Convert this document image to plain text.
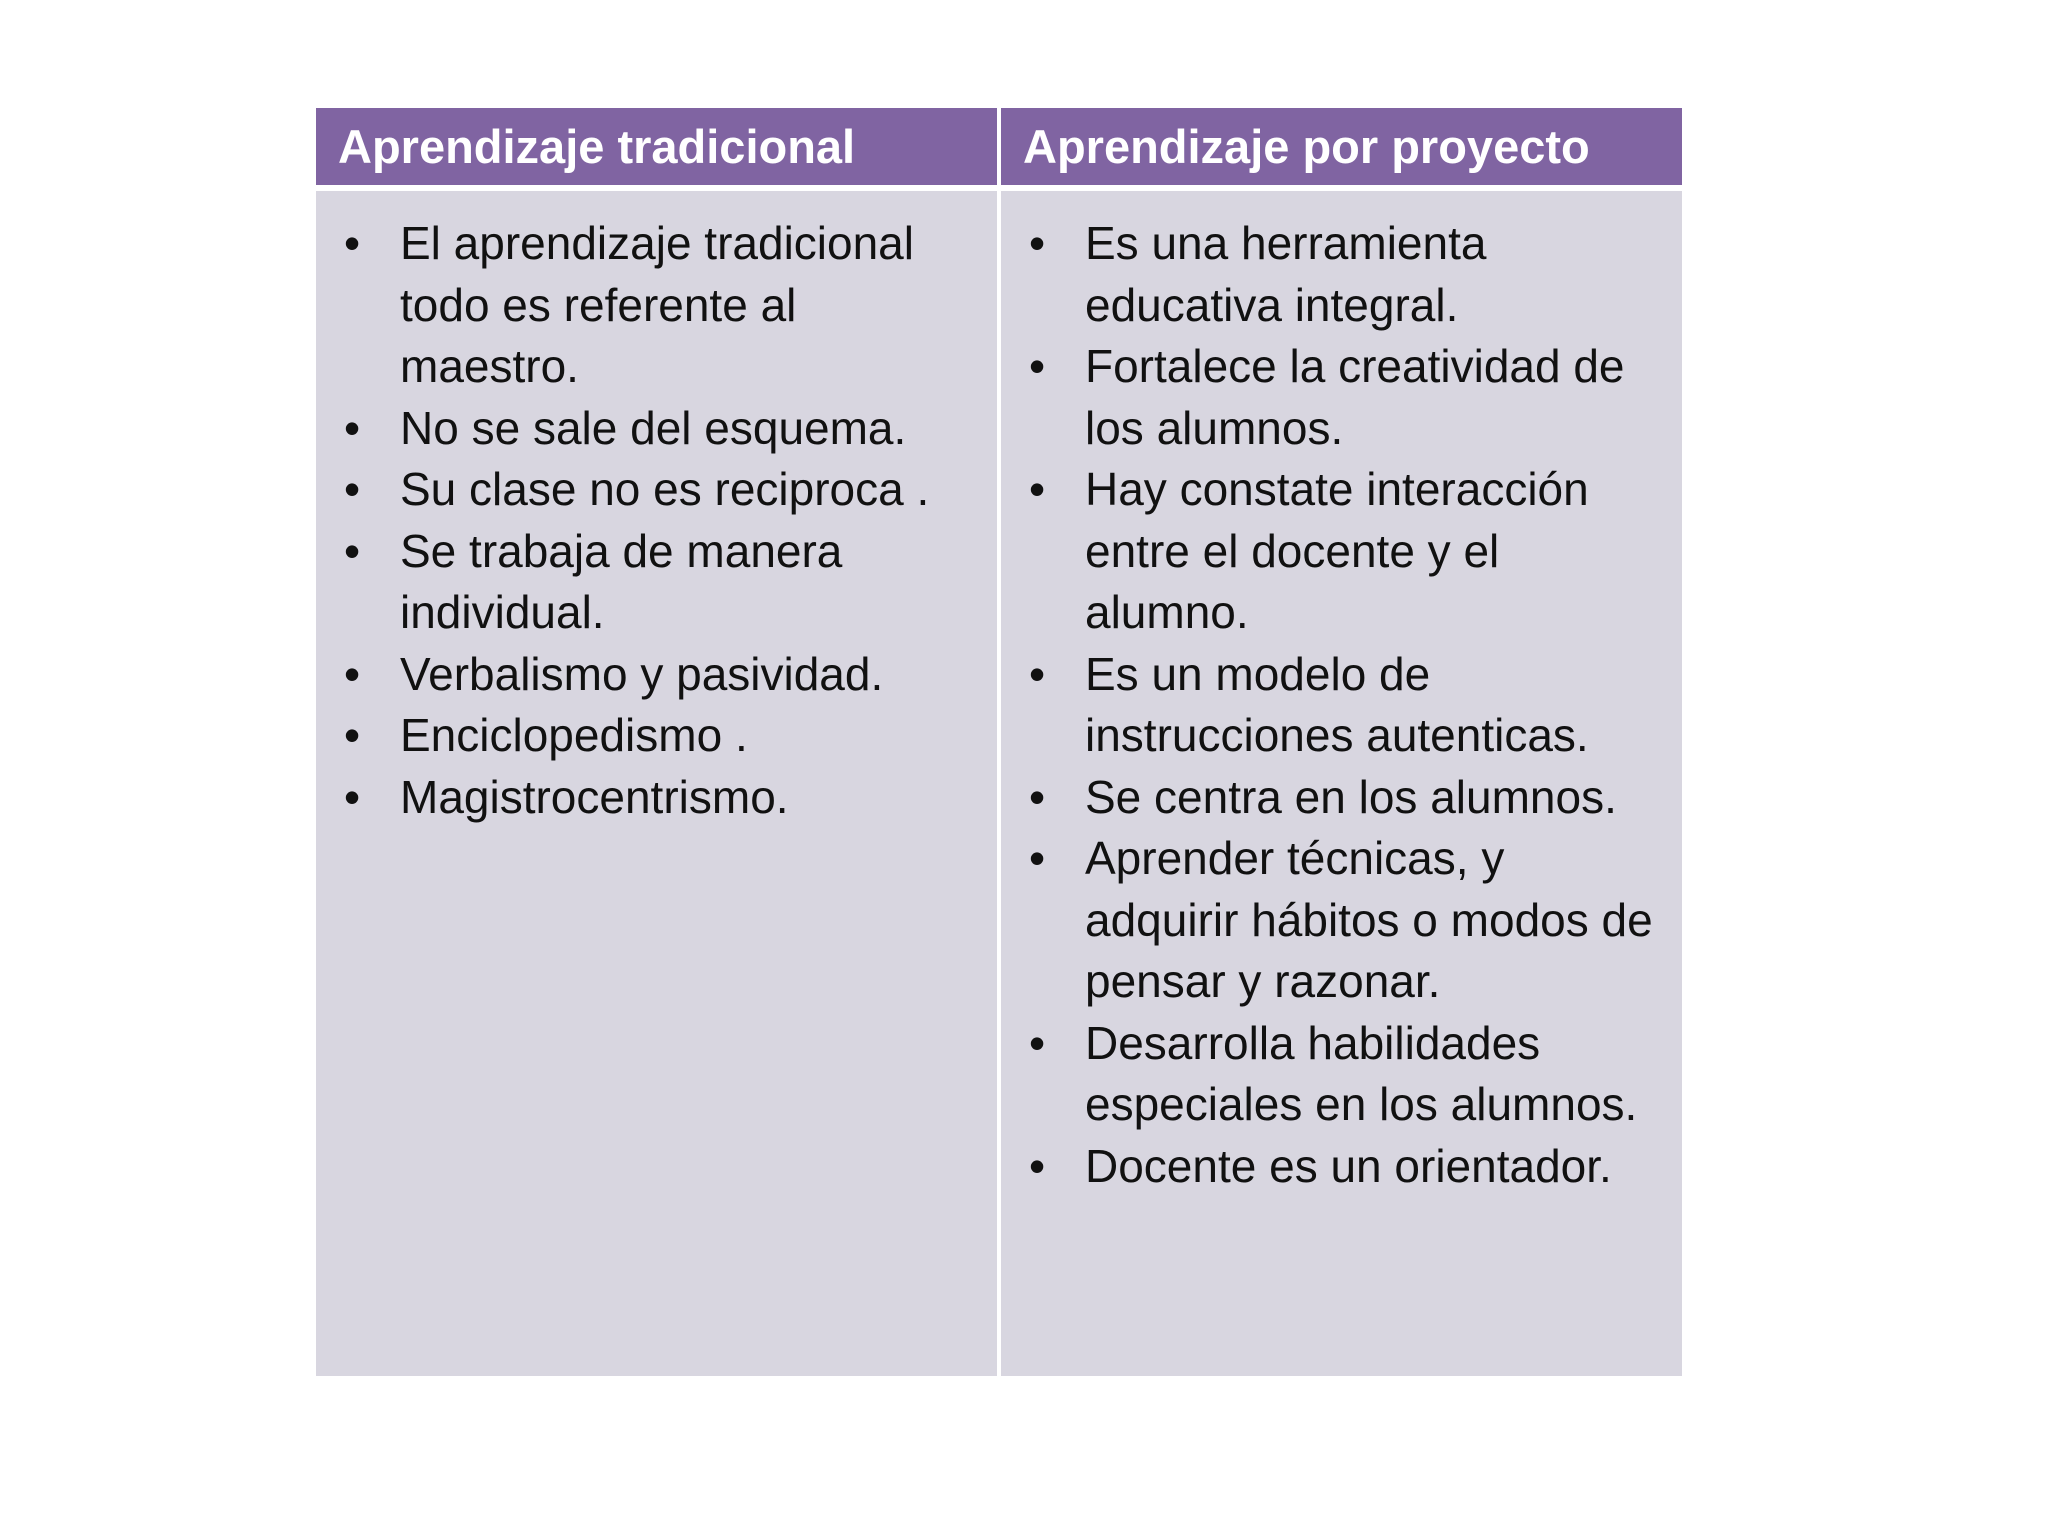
Aprendizaje tradicional	Aprendizaje por proyecto
• El aprendizaje tradicional todo es referente al maestro.
• No se sale del esquema.
• Su clase no es reciproca .
• Se trabaja de manera individual.
• Verbalismo y pasividad.
• Enciclopedismo .
• Magistrocentrismo.
• Es una herramienta educativa integral.
• Fortalece la creatividad de los alumnos.
• Hay constate interacción entre el docente y el alumno.
• Es un modelo de instrucciones autenticas.
• Se centra en los alumnos.
• Aprender técnicas, y adquirir hábitos o modos de pensar y razonar.
• Desarrolla habilidades especiales en los alumnos.
• Docente es un orientador.
